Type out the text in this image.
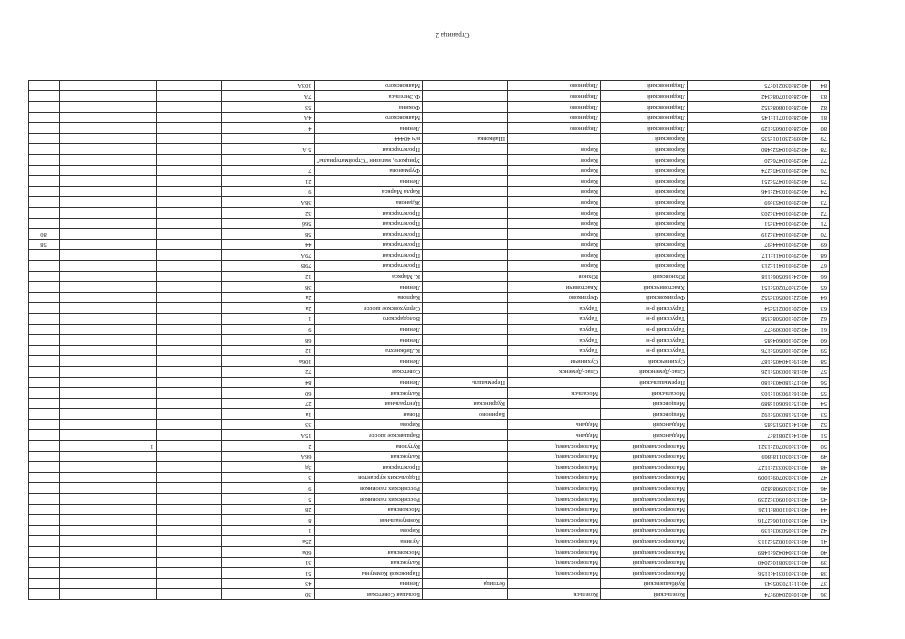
Страница 2
36	40:10:020409:74	Козельский	Козельск		Большая Советская	30			
37	40:11:170305:43	Куйбышевский		бетлица	Ленина	43			
38	40:13:010314:1156	Малоярославецкий	Малоярославец		Парижской Коммуны	51			
39	40:13:030810:2040	Малоярославецкий	Малоярославец		Калужская	31			
40	40:13:040426:1489	Малоярославецкий	Малоярославец		Московская	60а			
41	40:13:010025:2113	Малоярославецкий	Малоярославец		Аузина	25а			
42	40:13:050303:139	Малоярославецкий	Малоярославец		Кирова	1			
43	40:13:010106:2716	Малоярославецкий	Малоярославец		Коммунальная	8			
44	40:13:011008:1126	Малоярославецкий	Малоярославец		Московская	28			
45	40:13:010903:2239	Малоярославецкий	Малоярославец		Российских газовиков	5			
46	40:13:030908:820	Малоярославецкий	Малоярославец		Российских газовиков	9			
47	40:13:030709:1009	Малоярославецкий	Малоярославец		Подольских курсантов	3			
48	40:13:030332:1127	Малоярославецкий	Малоярославец		Пролетарская	3д			
49	40:13:030118:869	Малоярославецкий	Малоярославец		Калужская	66А			
50	40:13:030702:1321	Малоярославецкий	Малоярославец		Кутузова	2		1	
51	40:14:120818:7	Медынский	Медынь		Варшавское шоссе	15А			
52	40:14:120515:85	Медынский	Медынь		Кирова	33			
53	40:15:180305:192	Мещовский		Бариново	Новая	1а			
54	40:15:160601:889	Мещовский		Кудринская	Центральная	27			
55	40:16:190301:103	Мосальский	Мосальск		Калужская	60			
56	40:17:180403:180	Перемышльский		Перемышль	Ленина	84			
57	40:18:100305:126	Спас-Деменский	Спас-Деменск		Советская	72			
58	40:19:140405:187	Сухиничский	Сухиничи		Ленина	106а			
59	40:20:100505:176	Тарусский р-н	Таруса		К.Либкнехта	12			
60	40:20:100604:85	Тарусский р-н	Таруса		Ленина	68			
61	40:20:100309:77	Тарусский р-н	Таруса		Ленина	9			
62	40:20:100508:358	Тарусский р-н	Таруса		Володарского	1			
63	40:20:100215:54	Тарусский р-н	Таруса		Серпуховское шоссе	2а			
64	40:22:100503:552	Ферзиковский	Ферзиково		Карпова	2а			
65	40:23:070205:151	Хвастовичский	Хвастовичи		Ленина	38			
66	40:24:160506:118	Юхновский	Юхнов		К. Маркса	12			
67	40:29:010411:213	Кировский	Киров		Пролетарская	79В			
68	40:29:010411:117	Кировский	Киров		Пролетарская	79А			
69	40:29:010444:97	Кировский	Киров		Пролетарская	44			58
70	40:29:010443:219	Кировский	Киров		Пролетарская	58			80
71	40:29:010443:51	Кировский	Киров		Пролетарская	56б			
72	40:29:010443:203	Кировский	Киров		Пролетарская	32			
73	40:29:010453:69	Кировский	Киров		Жданова	38А			
74	40:29:010342:146	Кировский	Киров		Карла Маркса	9			
75	40:29:010475:251	Кировский	Киров		Ленина	21			
76	40:29:010345:274	Кировский	Киров		Фурманова	7			
77	40:29:010476:20	Кировский	Киров		Урицкого, магазин "Стройматериалы"				
78	40:29:010452:480	Кировский	Киров		Пролетарская	5 А			
79	40:09:230101:535	Кировский		Шайковка	в/ч 40444				
80	40:28:010605:129	Людиновский	Людиново		Ленина	4			
81	40:28:010711:145	Людиновский	Людиново		Маяковского	4А			
82	40:28:010808:352	Людиновский	Людиново		Фокина	53			
83	40:28:010708:342	Людиновский	Людиново		Ф.Энгельса	7А			
84	40:28:030210:75	Людиновский	Людиново		Маяковского	103А			
